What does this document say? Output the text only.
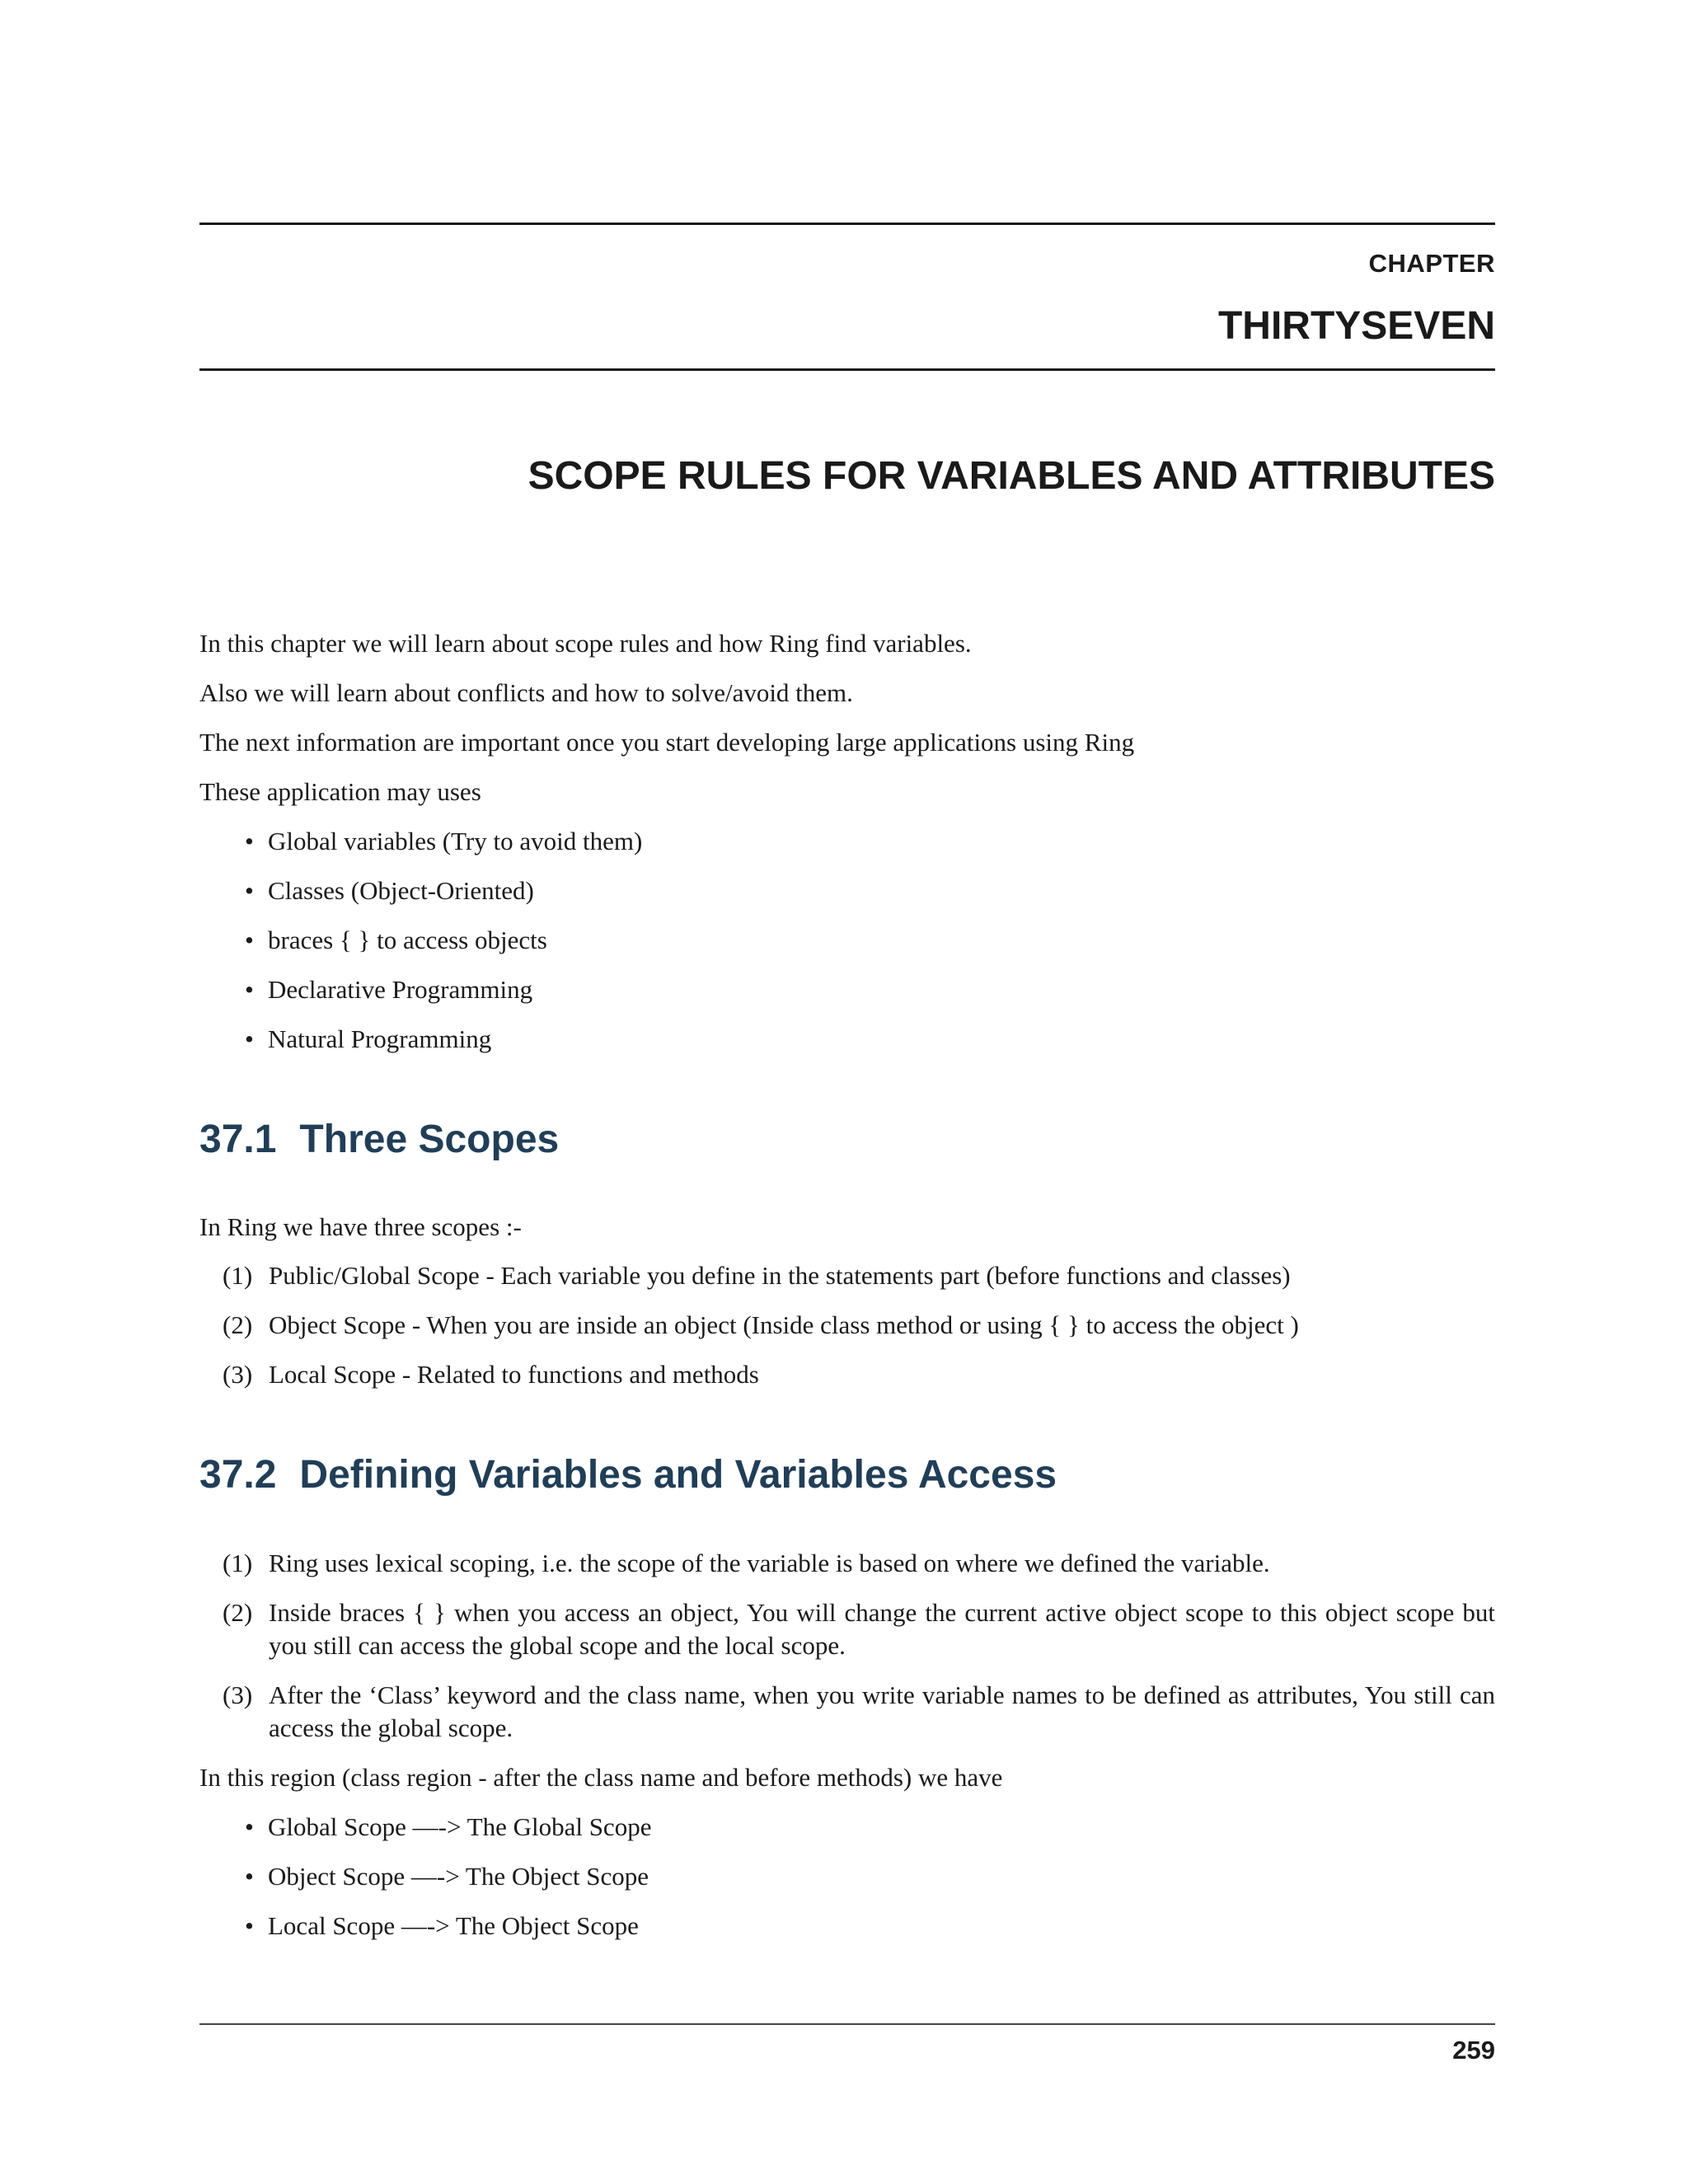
CHAPTER
THIRTYSEVEN
SCOPE RULES FOR VARIABLES AND ATTRIBUTES
In this chapter we will learn about scope rules and how Ring find variables.
Also we will learn about conflicts and how to solve/avoid them.
The next information are important once you start developing large applications using Ring
These application may uses
• Global variables (Try to avoid them)
• Classes (Object-Oriented)
• braces { } to access objects
• Declarative Programming
• Natural Programming
37.1 Three Scopes
In Ring we have three scopes :-
(1) Public/Global Scope - Each variable you define in the statements part (before functions and classes)
(2) Object Scope - When you are inside an object (Inside class method or using { } to access the object )
(3) Local Scope - Related to functions and methods
37.2 Defining Variables and Variables Access
(1) Ring uses lexical scoping, i.e. the scope of the variable is based on where we defined the variable.
(2) Inside braces { } when you access an object, You will change the current active object scope to this object scope but you still can access the global scope and the local scope.
(3) After the ‘Class’ keyword and the class name, when you write variable names to be defined as attributes, You still can access the global scope.
In this region (class region - after the class name and before methods) we have
• Global Scope —-> The Global Scope
• Object Scope —-> The Object Scope
• Local Scope —-> The Object Scope
259
